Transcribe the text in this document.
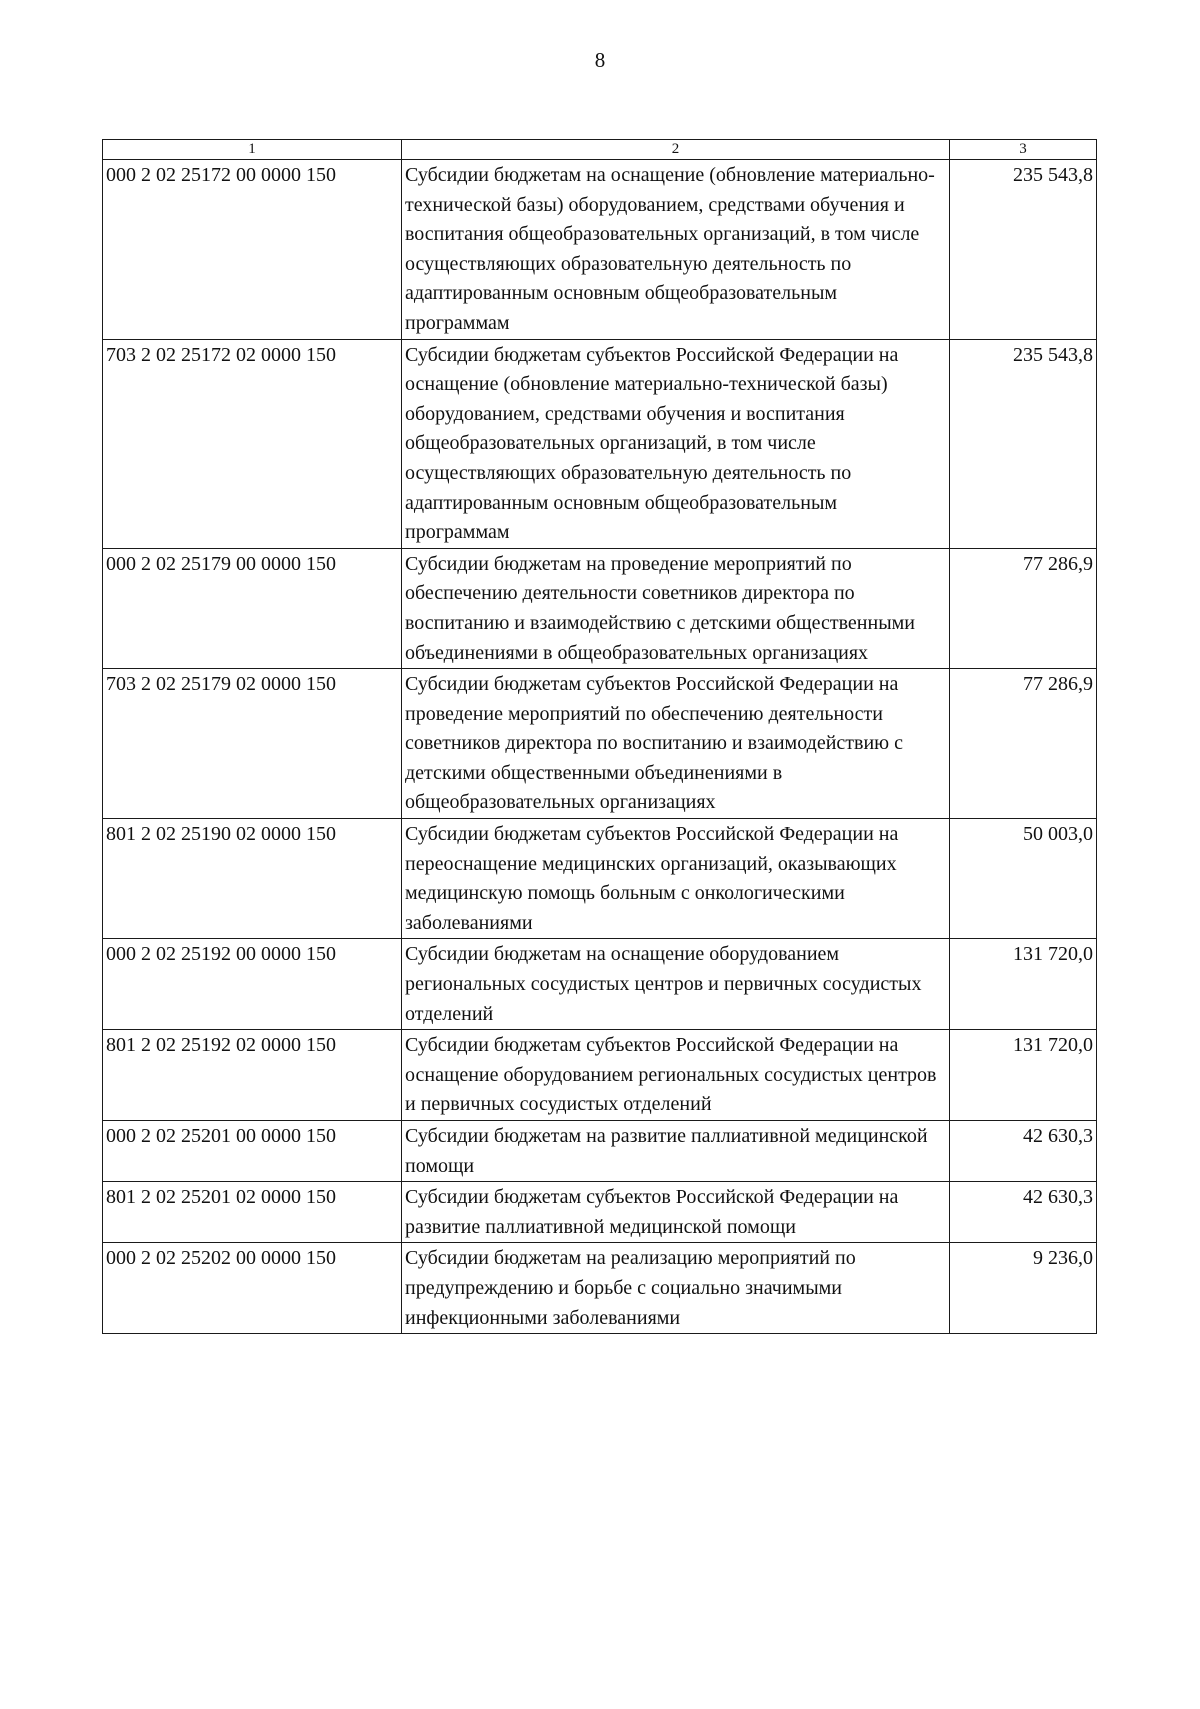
8
1	2	3
000 2 02 25172 00 0000 150	Субсидии бюджетам на оснащение (обновление материально-технической базы) оборудованием, средствами обучения и воспитания общеобразовательных организаций, в том числе осуществляющих образовательную деятельность по адаптированным основным общеобразовательным программам	235 543,8
703 2 02 25172 02 0000 150	Субсидии бюджетам субъектов Российской Федерации на оснащение (обновление материально-технической базы) оборудованием, средствами обучения и воспитания общеобразовательных организаций, в том числе осуществляющих образовательную деятельность по адаптированным основным общеобразовательным программам	235 543,8
000 2 02 25179 00 0000 150	Субсидии бюджетам на проведение мероприятий по обеспечению деятельности советников директора по воспитанию и взаимодействию с детскими общественными объединениями в общеобразовательных организациях	77 286,9
703 2 02 25179 02 0000 150	Субсидии бюджетам субъектов Российской Федерации на проведение мероприятий по обеспечению деятельности советников директора по воспитанию и взаимодействию с детскими общественными объединениями в общеобразовательных организациях	77 286,9
801 2 02 25190 02 0000 150	Субсидии бюджетам субъектов Российской Федерации на переоснащение медицинских организаций, оказывающих медицинскую помощь больным с онкологическими заболеваниями	50 003,0
000 2 02 25192 00 0000 150	Субсидии бюджетам на оснащение оборудованием региональных сосудистых центров и первичных сосудистых отделений	131 720,0
801 2 02 25192 02 0000 150	Субсидии бюджетам субъектов Российской Федерации на оснащение оборудованием региональных сосудистых центров и первичных сосудистых отделений	131 720,0
000 2 02 25201 00 0000 150	Субсидии бюджетам на развитие паллиативной медицинской помощи	42 630,3
801 2 02 25201 02 0000 150	Субсидии бюджетам субъектов Российской Федерации на развитие паллиативной медицинской помощи	42 630,3
000 2 02 25202 00 0000 150	Субсидии бюджетам на реализацию мероприятий по предупреждению и борьбе с социально значимыми инфекционными заболеваниями	9 236,0
